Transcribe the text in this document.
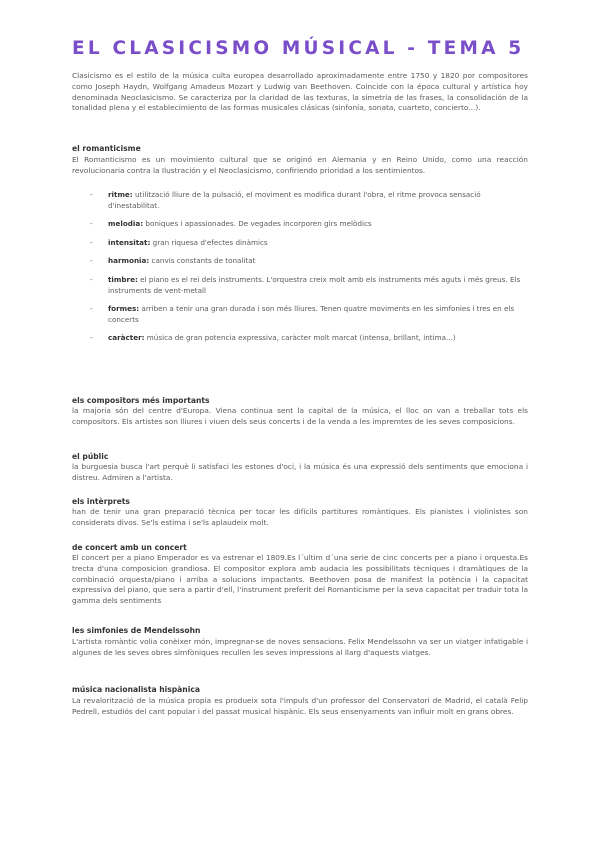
EL CLASICISMO MÚSICAL - TEMA 5
Clasicismo es el estilo de la música culta europea desarrollado aproximadamente entre 1750 y 1820 por compositores como Joseph Haydn, Wolfgang Amadeus Mozart y Ludwig van Beethoven. Coincide con la época cultural y artística hoy denominada Neoclasicismo. Se caracteriza por la claridad de las texturas, la simetría de las frases, la consolidación de la tonalidad plena y el establecimiento de las formas musicales clásicas (sinfonía, sonata, cuarteto, concierto...).
el romanticisme
El Romanticismo es un movimiento cultural que se originó en Alemania y en Reino Unido, como una reacción revolucionaria contra la Ilustración y el Neoclasicismo, confiriendo prioridad a los sentimientos.
- ritme: utilització lliure de la pulsació, el moviment es modifica durant l'obra, el ritme provoca sensació d'inestabilitat.
- melodia: boniques i apassionades. De vegades incorporen girs melòdics
- intensitat: gran riquesa d'efectes dinàmics
- harmonia: canvis constants de tonalitat
- timbre: el piano es el rei dels instruments. L'orquestra creix molt amb els instruments més aguts i més greus. Els instruments de vent-metall
- formes: arriben a tenir una gran durada i son més lliures. Tenen quatre moviments en les simfonies i tres en els concerts
- caràcter: música de gran potencia expressiva, caràcter molt marcat (intensa, brillant, íntima...)
els compositors més importants
la majoria són del centre d'Europa. Viena continua sent la capital de la música, el lloc on van a treballar tots els compositors. Els artistes son lliures i viuen dels seus concerts i de la venda a les impremtes de les seves composicions.
el públic
la burguesia busca l'art perquè li satisfaci les estones d'oci, i la música és una expressió dels sentiments que emociona i distreu. Admiren a l'artista.
els intèrprets
han de tenir una gran preparació tècnica per tocar les difícils partitures romàntiques. Els pianistes i violinistes son considerats divos. Se'ls estima i se'ls aplaudeix molt.
de concert amb un concert
El concert per a piano Emperador es va estrenar el 1809.Es l´ultim d´una serie de cinc concerts per a piano i orquesta.Es trecta d'una composicion grandiosa. El compositor explora amb audacia les possibilitats tècniques i dramàtiques de la combinació orquesta/piano i arriba a solucions impactants. Beethoven posa de manifest la potència i la capacitat expressiva del piano, que sera a partir d'ell, l'instrument preferit del Romanticisme per la seva capacitat per traduir tota la gamma dels sentiments
les simfonies de Mendelssohn
L'artista romàntic volia conèixer món, impregnar-se de noves sensacions. Felix Mendelssohn va ser un viatger infatigable i algunes de les seves obres simfòniques recullen les seves impressions al llarg d'aquests viatges.
música nacionalista hispànica
La revalorització de la música propia es produeix sota l'impuls d'un professor del Conservatori de Madrid, el català Felip Pedrell, estudiós del cant popular i del passat musical hispànic. Els seus ensenyaments van influir molt en grans obres.
